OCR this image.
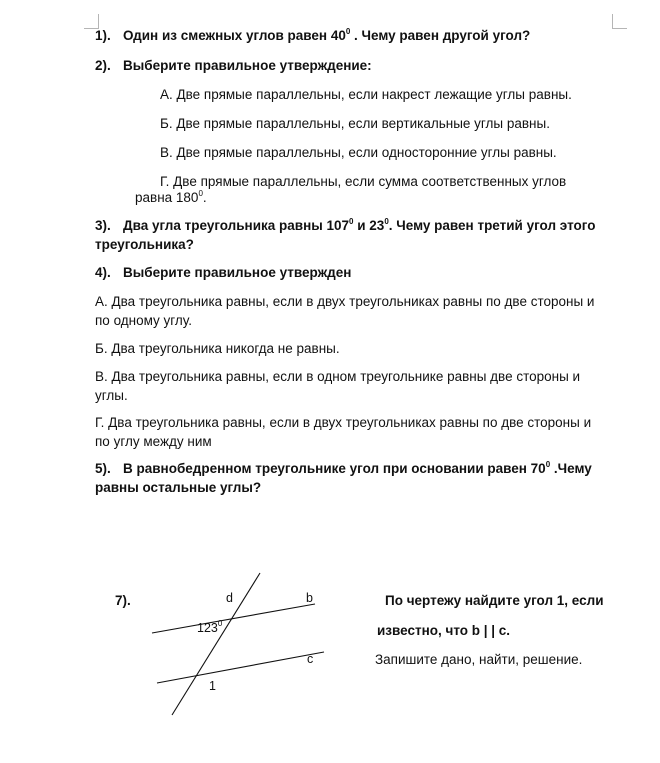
1). Один из смежных углов равен $40^0$ . Чему равен другой угол?

2). Выберите правильное утверждение:

А. Две прямые параллельны, если накрест лежащие углы равны.

Б. Две прямые параллельны, если вертикальные углы равны.

В. Две прямые параллельны, если односторонние углы равны.

Г. Две прямые параллельны, если сумма соответственных углов

равна $180^0$.

3). Два угла треугольника равны $107^0$ и $23^0$. Чему равен третий угол этого
треугольника?

4). Выберите правильное утвержден

А. Два треугольника равны, если в двух треугольниках равны по две стороны и
по одному углу.

Б. Два треугольника никогда не равны.

В. Два треугольника равны, если в одном треугольнике равны две стороны и
углы.

Г. Два треугольника равны, если в двух треугольниках равны по две стороны и
по углу между ним

5). В равнобедренном треугольнике угол при основании равен $70^0$ .Чему
равны остальные углы?

7).	d	b
c
$123^0$
1

По чертежу найдите угол 1, если

известно, что b | | c.

Запишите дано, найти, решение.
